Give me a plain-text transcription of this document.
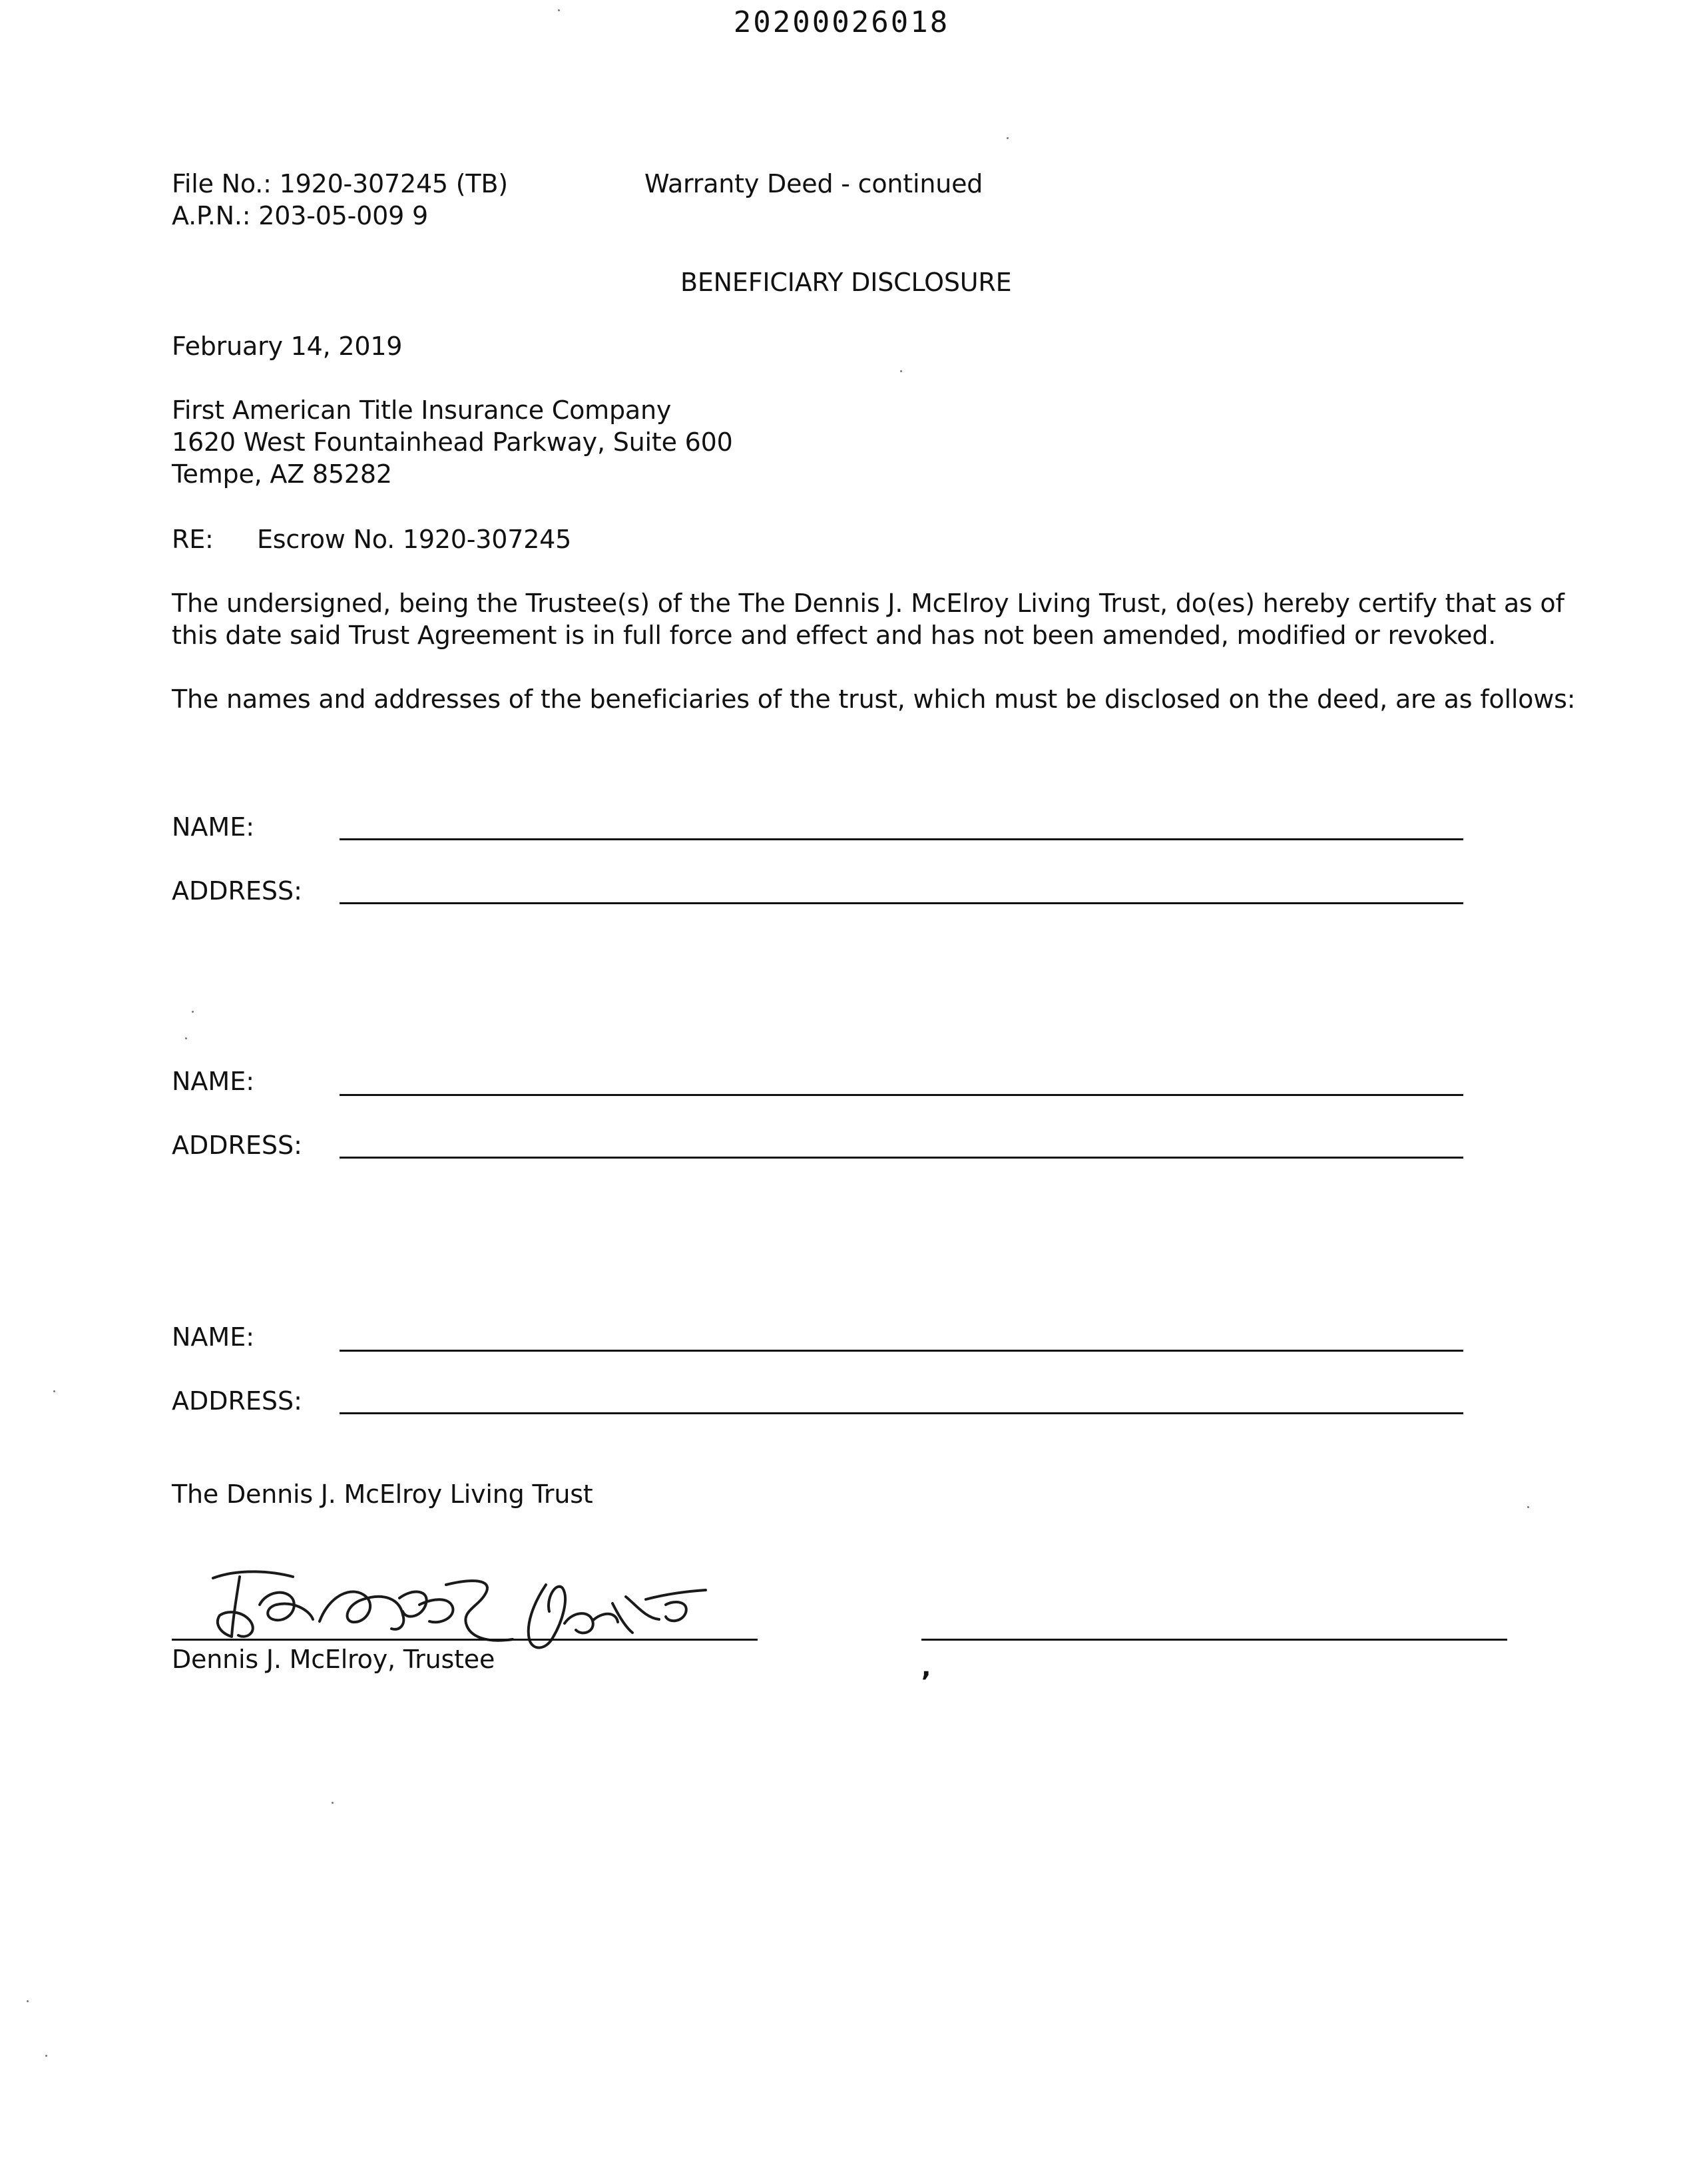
20200026018
File No.: 1920-307245 (TB)
A.P.N.: 203-05-009 9
Warranty Deed - continued
BENEFICIARY DISCLOSURE
February 14, 2019
First American Title Insurance Company
1620 West Fountainhead Parkway, Suite 600
Tempe, AZ 85282
RE: Escrow No. 1920-307245
The undersigned, being the Trustee(s) of the The Dennis J. McElroy Living Trust, do(es) hereby certify that as of
this date said Trust Agreement is in full force and effect and has not been amended, modified or revoked.
The names and addresses of the beneficiaries of the trust, which must be disclosed on the deed, are as follows:
NAME:
ADDRESS:
NAME:
ADDRESS:
NAME:
ADDRESS:
The Dennis J. McElroy Living Trust
Dennis J. McElroy, Trustee	,
